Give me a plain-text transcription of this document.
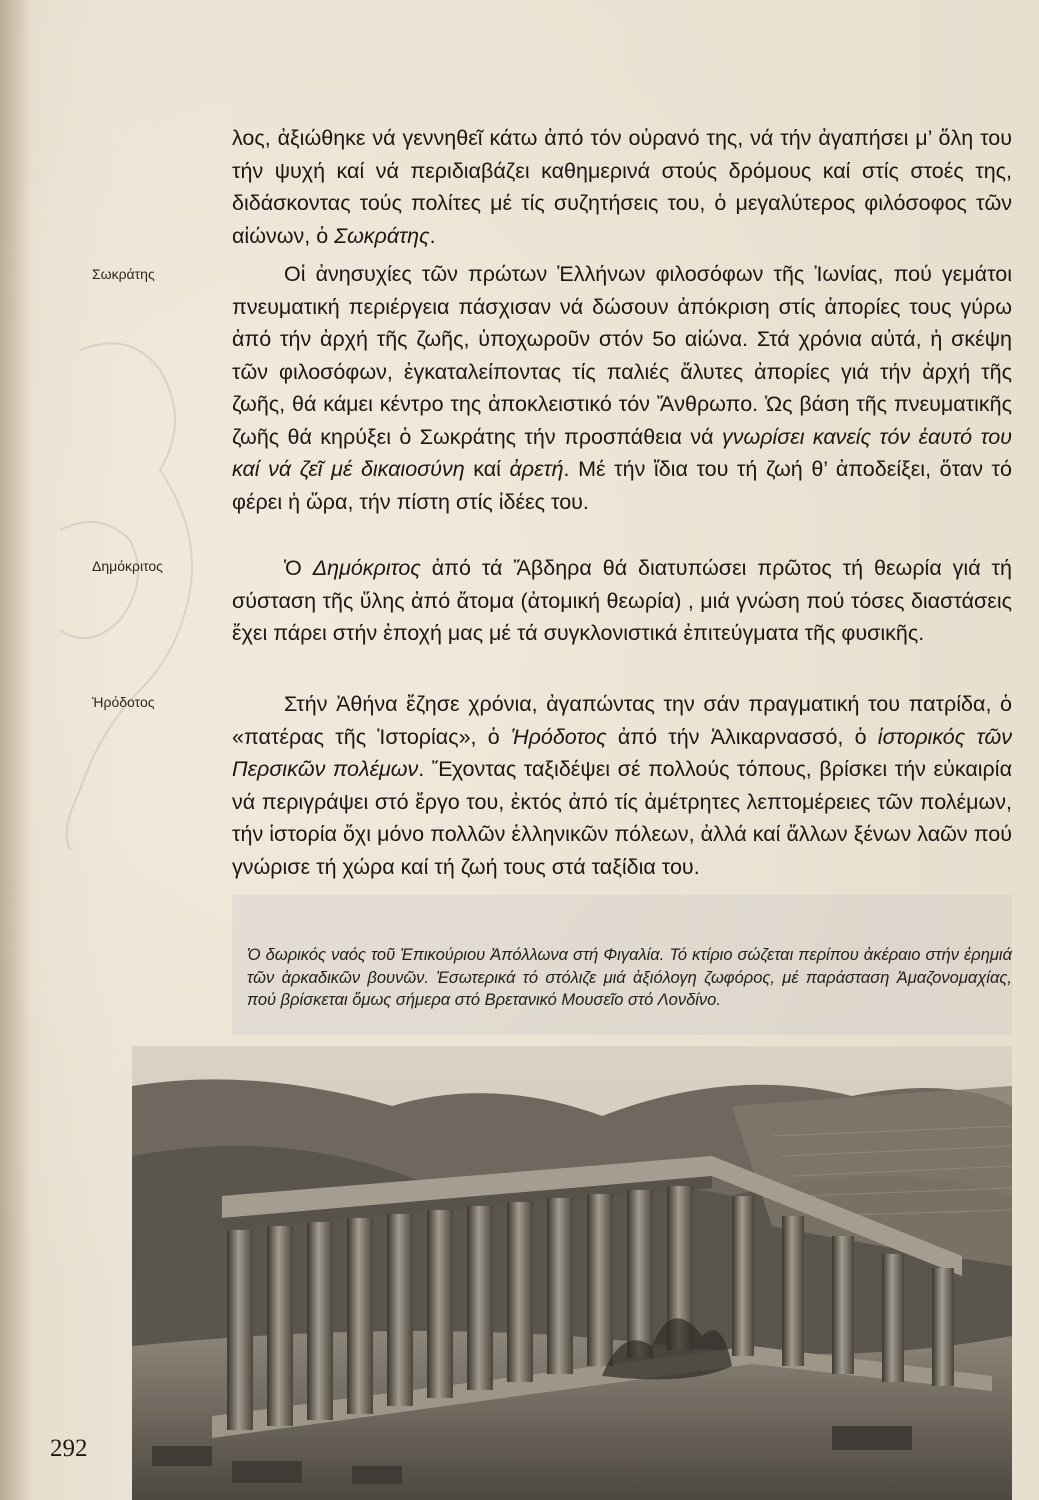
Σωκράτης
Δημόκριτος
Ἡρόδοτος

λος, ἀξιώθηκε νά γεννηθεῖ κάτω ἀπό τόν οὐρανό της, νά τήν ἀγαπήσει μ’ ὅλη του τήν ψυχή καί νά περιδιαβάζει καθημερινά στούς δρόμους καί στίς στοές της, διδάσκοντας τούς πολίτες μέ τίς συζητήσεις του, ὁ μεγαλύτερος φιλόσοφος τῶν αἰώνων, ὁ Σωκράτης.

Οἱ ἀνησυχίες τῶν πρώτων Ἑλλήνων φιλοσόφων τῆς Ἰωνίας, πού γεμάτοι πνευματική περιέργεια πάσχισαν νά δώσουν ἀπόκριση στίς ἀπορίες τους γύρω ἀπό τήν ἀρχή τῆς ζωῆς, ὑποχωροῦν στόν 5ο αἰώνα. Στά χρόνια αὐτά, ἡ σκέψη τῶν φιλοσόφων, ἐγκαταλείποντας τίς παλιές ἄλυτες ἀπορίες γιά τήν ἀρχή τῆς ζωῆς, θά κάμει κέντρο της ἀποκλειστικό τόν Ἄνθρωπο. Ὡς βάση τῆς πνευματικῆς ζωῆς θά κηρύξει ὁ Σωκράτης τήν προσπάθεια νά γνωρίσει κανείς τόν ἑαυτό του καί νά ζεῖ μέ δικαιοσύνη καί ἀρετή. Μέ τήν ἴδια του τή ζωή θ’ ἀποδείξει, ὅταν τό φέρει ἡ ὥρα, τήν πίστη στίς ἰδέες του.

Ὁ Δημόκριτος ἀπό τά Ἄβδηρα θά διατυπώσει πρῶτος τή θεωρία γιά τή σύσταση τῆς ὕλης ἀπό ἄτομα (ἀτομική θεωρία) , μιά γνώση πού τόσες διαστάσεις ἔχει πάρει στήν ἐποχή μας μέ τά συγκλονιστικά ἐπιτεύγματα τῆς φυσικῆς.

Στήν Ἀθήνα ἔζησε χρόνια, ἀγαπώντας την σάν πραγματική του πατρίδα, ὁ «πατέρας τῆς Ἱστορίας», ὁ Ἡρόδοτος ἀπό τήν Ἁλικαρνασσό, ὁ ἱστορικός τῶν Περσικῶν πολέμων. Ἔχοντας ταξιδέψει σέ πολλούς τόπους, βρίσκει τήν εὐκαιρία νά περιγράψει στό ἔργο του, ἐκτός ἀπό τίς ἀμέτρητες λεπτομέρειες τῶν πολέμων, τήν ἱστορία ὄχι μόνο πολλῶν ἑλληνικῶν πόλεων, ἀλλά καί ἄλλων ξένων λαῶν πού γνώρισε τή χώρα καί τή ζωή τους στά ταξίδια του.

Ὁ δωρικός ναός τοῦ Ἐπικούριου Ἀπόλλωνα στή Φιγαλία. Τό κτίριο σώζεται περίπου ἀκέραιο στήν ἐρημιά τῶν ἀρκαδικῶν βουνῶν. Ἐσωτερικά τό στόλιζε μιά ἀξιόλογη ζωφόρος, μέ παράσταση Ἀμαζονομαχίας, πού βρίσκεται ὅμως σήμερα στό Βρετανικό Μουσεῖο στό Λονδίνο.
292
